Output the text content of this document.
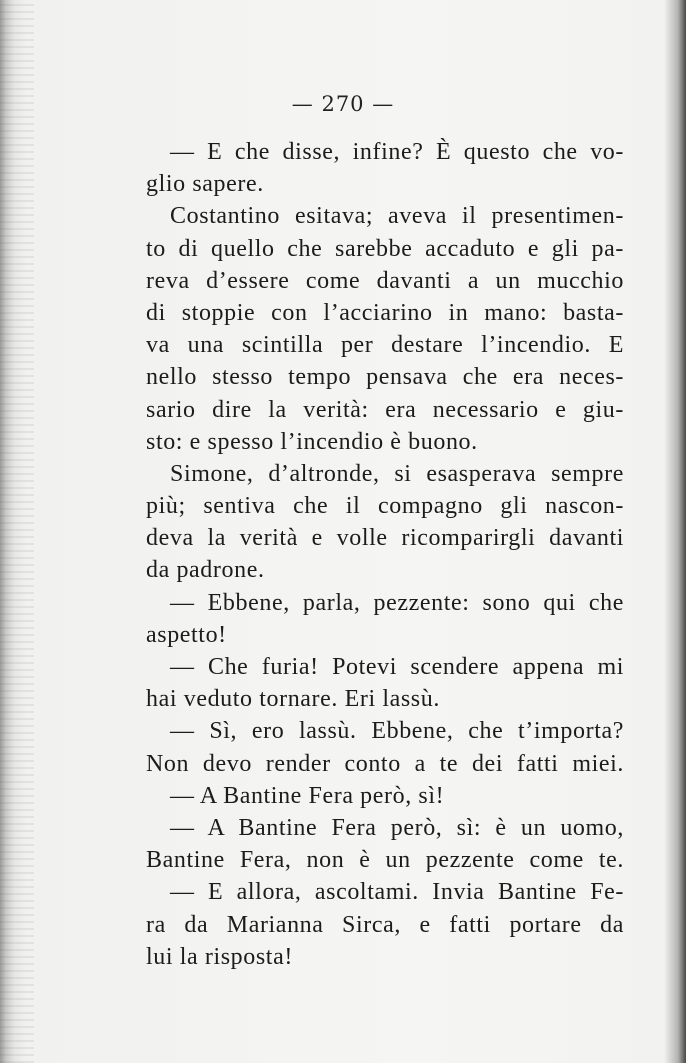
— 270 —
— E che disse, infine? È questo che vo-
glio sapere.
Costantino esitava; aveva il presentimen-
to di quello che sarebbe accaduto e gli pa-
reva d’essere come davanti a un mucchio
di stoppie con l’acciarino in mano: basta-
va una scintilla per destare l’incendio. E
nello stesso tempo pensava che era neces-
sario dire la verità: era necessario e giu-
sto: e spesso l’incendio è buono.
Simone, d’altronde, si esasperava sempre
più; sentiva che il compagno gli nascon-
deva la verità e volle ricomparirgli davanti
da padrone.
— Ebbene, parla, pezzente: sono qui che
aspetto!
— Che furia! Potevi scendere appena mi
hai veduto tornare. Eri lassù.
— Sì, ero lassù. Ebbene, che t’importa?
Non devo render conto a te dei fatti miei.
— A Bantine Fera però, sì!
— A Bantine Fera però, sì: è un uomo,
Bantine Fera, non è un pezzente come te.
— E allora, ascoltami. Invia Bantine Fe-
ra da Marianna Sirca, e fatti portare da
lui la risposta!
